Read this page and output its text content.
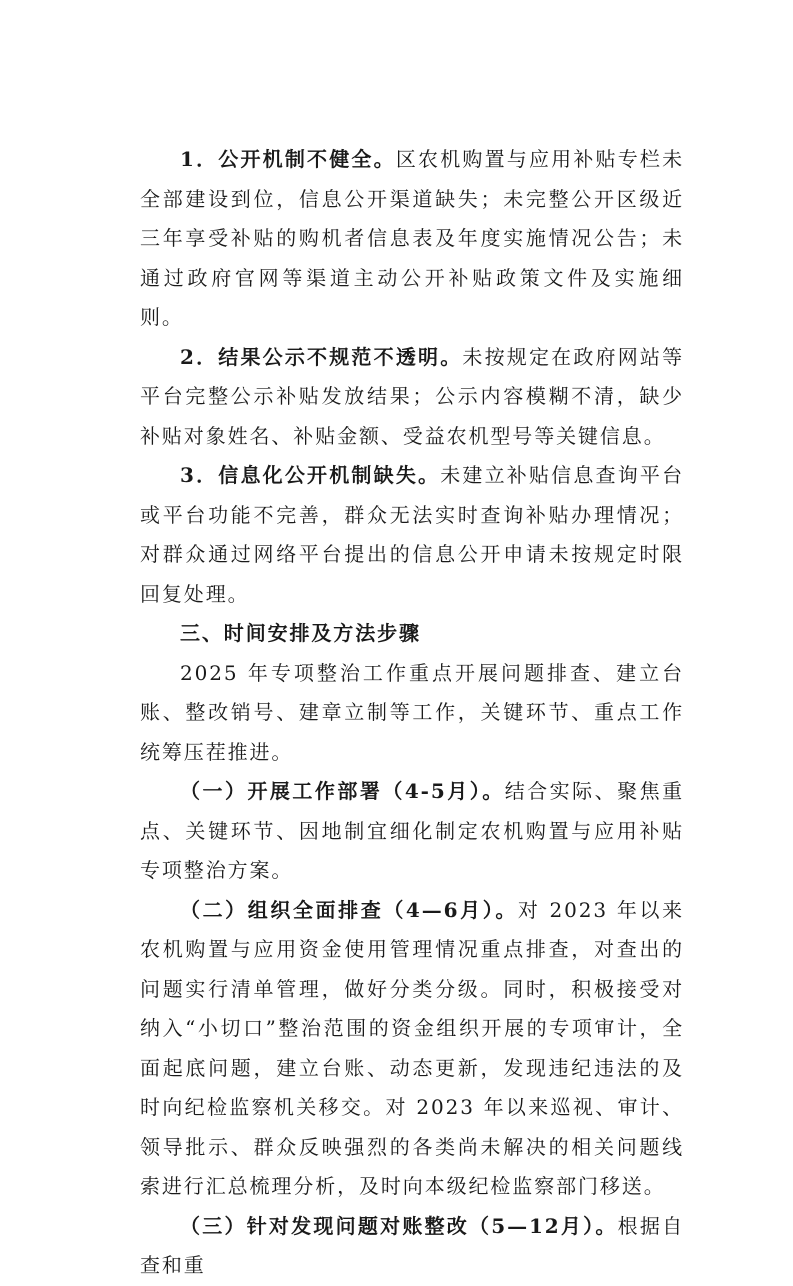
1．公开机制不健全。区农机购置与应用补贴专栏未全部建设到位，信息公开渠道缺失；未完整公开区级近三年享受补贴的购机者信息表及年度实施情况公告；未通过政府官网等渠道主动公开补贴政策文件及实施细则。

2．结果公示不规范不透明。未按规定在政府网站等平台完整公示补贴发放结果；公示内容模糊不清，缺少补贴对象姓名、补贴金额、受益农机型号等关键信息。

3．信息化公开机制缺失。未建立补贴信息查询平台或平台功能不完善，群众无法实时查询补贴办理情况；对群众通过网络平台提出的信息公开申请未按规定时限回复处理。

三、时间安排及方法步骤

2025 年专项整治工作重点开展问题排查、建立台账、整改销号、建章立制等工作，关键环节、重点工作统筹压茬推进。

（一）开展工作部署（4-5月）。结合实际、聚焦重点、关键环节、因地制宜细化制定农机购置与应用补贴专项整治方案。

（二）组织全面排查（4—6月）。对 2023 年以来农机购置与应用资金使用管理情况重点排查，对查出的问题实行清单管理，做好分类分级。同时，积极接受对纳入“小切口”整治范围的资金组织开展的专项审计，全面起底问题，建立台账、动态更新，发现违纪违法的及时向纪检监察机关移交。对 2023 年以来巡视、审计、领导批示、群众反映强烈的各类尚未解决的相关问题线索进行汇总梳理分析，及时向本级纪检监察部门移送。

（三）针对发现问题对账整改（5—12月）。根据自查和重
